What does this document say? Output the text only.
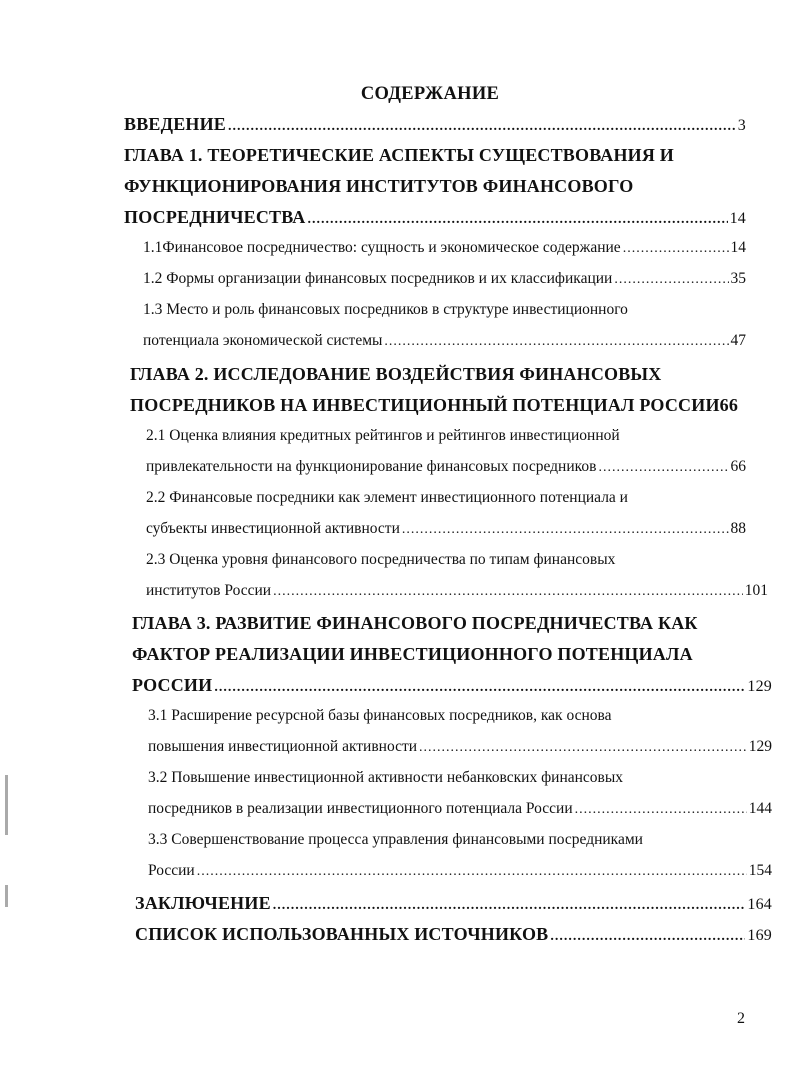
СОДЕРЖАНИЕ
ВВЕДЕНИЕ .....	3
ГЛАВА 1. ТЕОРЕТИЧЕСКИЕ АСПЕКТЫ СУЩЕСТВОВАНИЯ И
ФУНКЦИОНИРОВАНИЯ ИНСТИТУТОВ ФИНАНСОВОГО
ПОСРЕДНИЧЕСТВА .....	14
1.1Финансовое посредничество: сущность и экономическое содержание .....	14
1.2 Формы организации финансовых посредников и их классификации .....	35
1.3 Место и роль финансовых посредников в структуре инвестиционного
потенциала экономической системы .....	47
ГЛАВА 2. ИССЛЕДОВАНИЕ ВОЗДЕЙСТВИЯ ФИНАНСОВЫХ
ПОСРЕДНИКОВ НА ИНВЕСТИЦИОННЫЙ ПОТЕНЦИАЛ РОССИИ 66
2.1 Оценка влияния кредитных рейтингов и рейтингов инвестиционной
привлекательности на функционирование финансовых посредников .....	66
2.2 Финансовые посредники как элемент инвестиционного потенциала и
субъекты инвестиционной активности .....	88
2.3 Оценка уровня финансового посредничества по типам финансовых
институтов России .....	101
ГЛАВА 3. РАЗВИТИЕ ФИНАНСОВОГО ПОСРЕДНИЧЕСТВА КАК
ФАКТОР РЕАЛИЗАЦИИ ИНВЕСТИЦИОННОГО ПОТЕНЦИАЛА
РОССИИ .....	129
3.1 Расширение ресурсной базы финансовых посредников, как основа
повышения инвестиционной активности .....	129
3.2 Повышение инвестиционной активности небанковских финансовых
посредников в реализации инвестиционного потенциала России .....	144
3.3 Совершенствование процесса управления финансовыми посредниками
России .....	154
ЗАКЛЮЧЕНИЕ .....	164
СПИСОК ИСПОЛЬЗОВАННЫХ ИСТОЧНИКОВ .....	169
2
